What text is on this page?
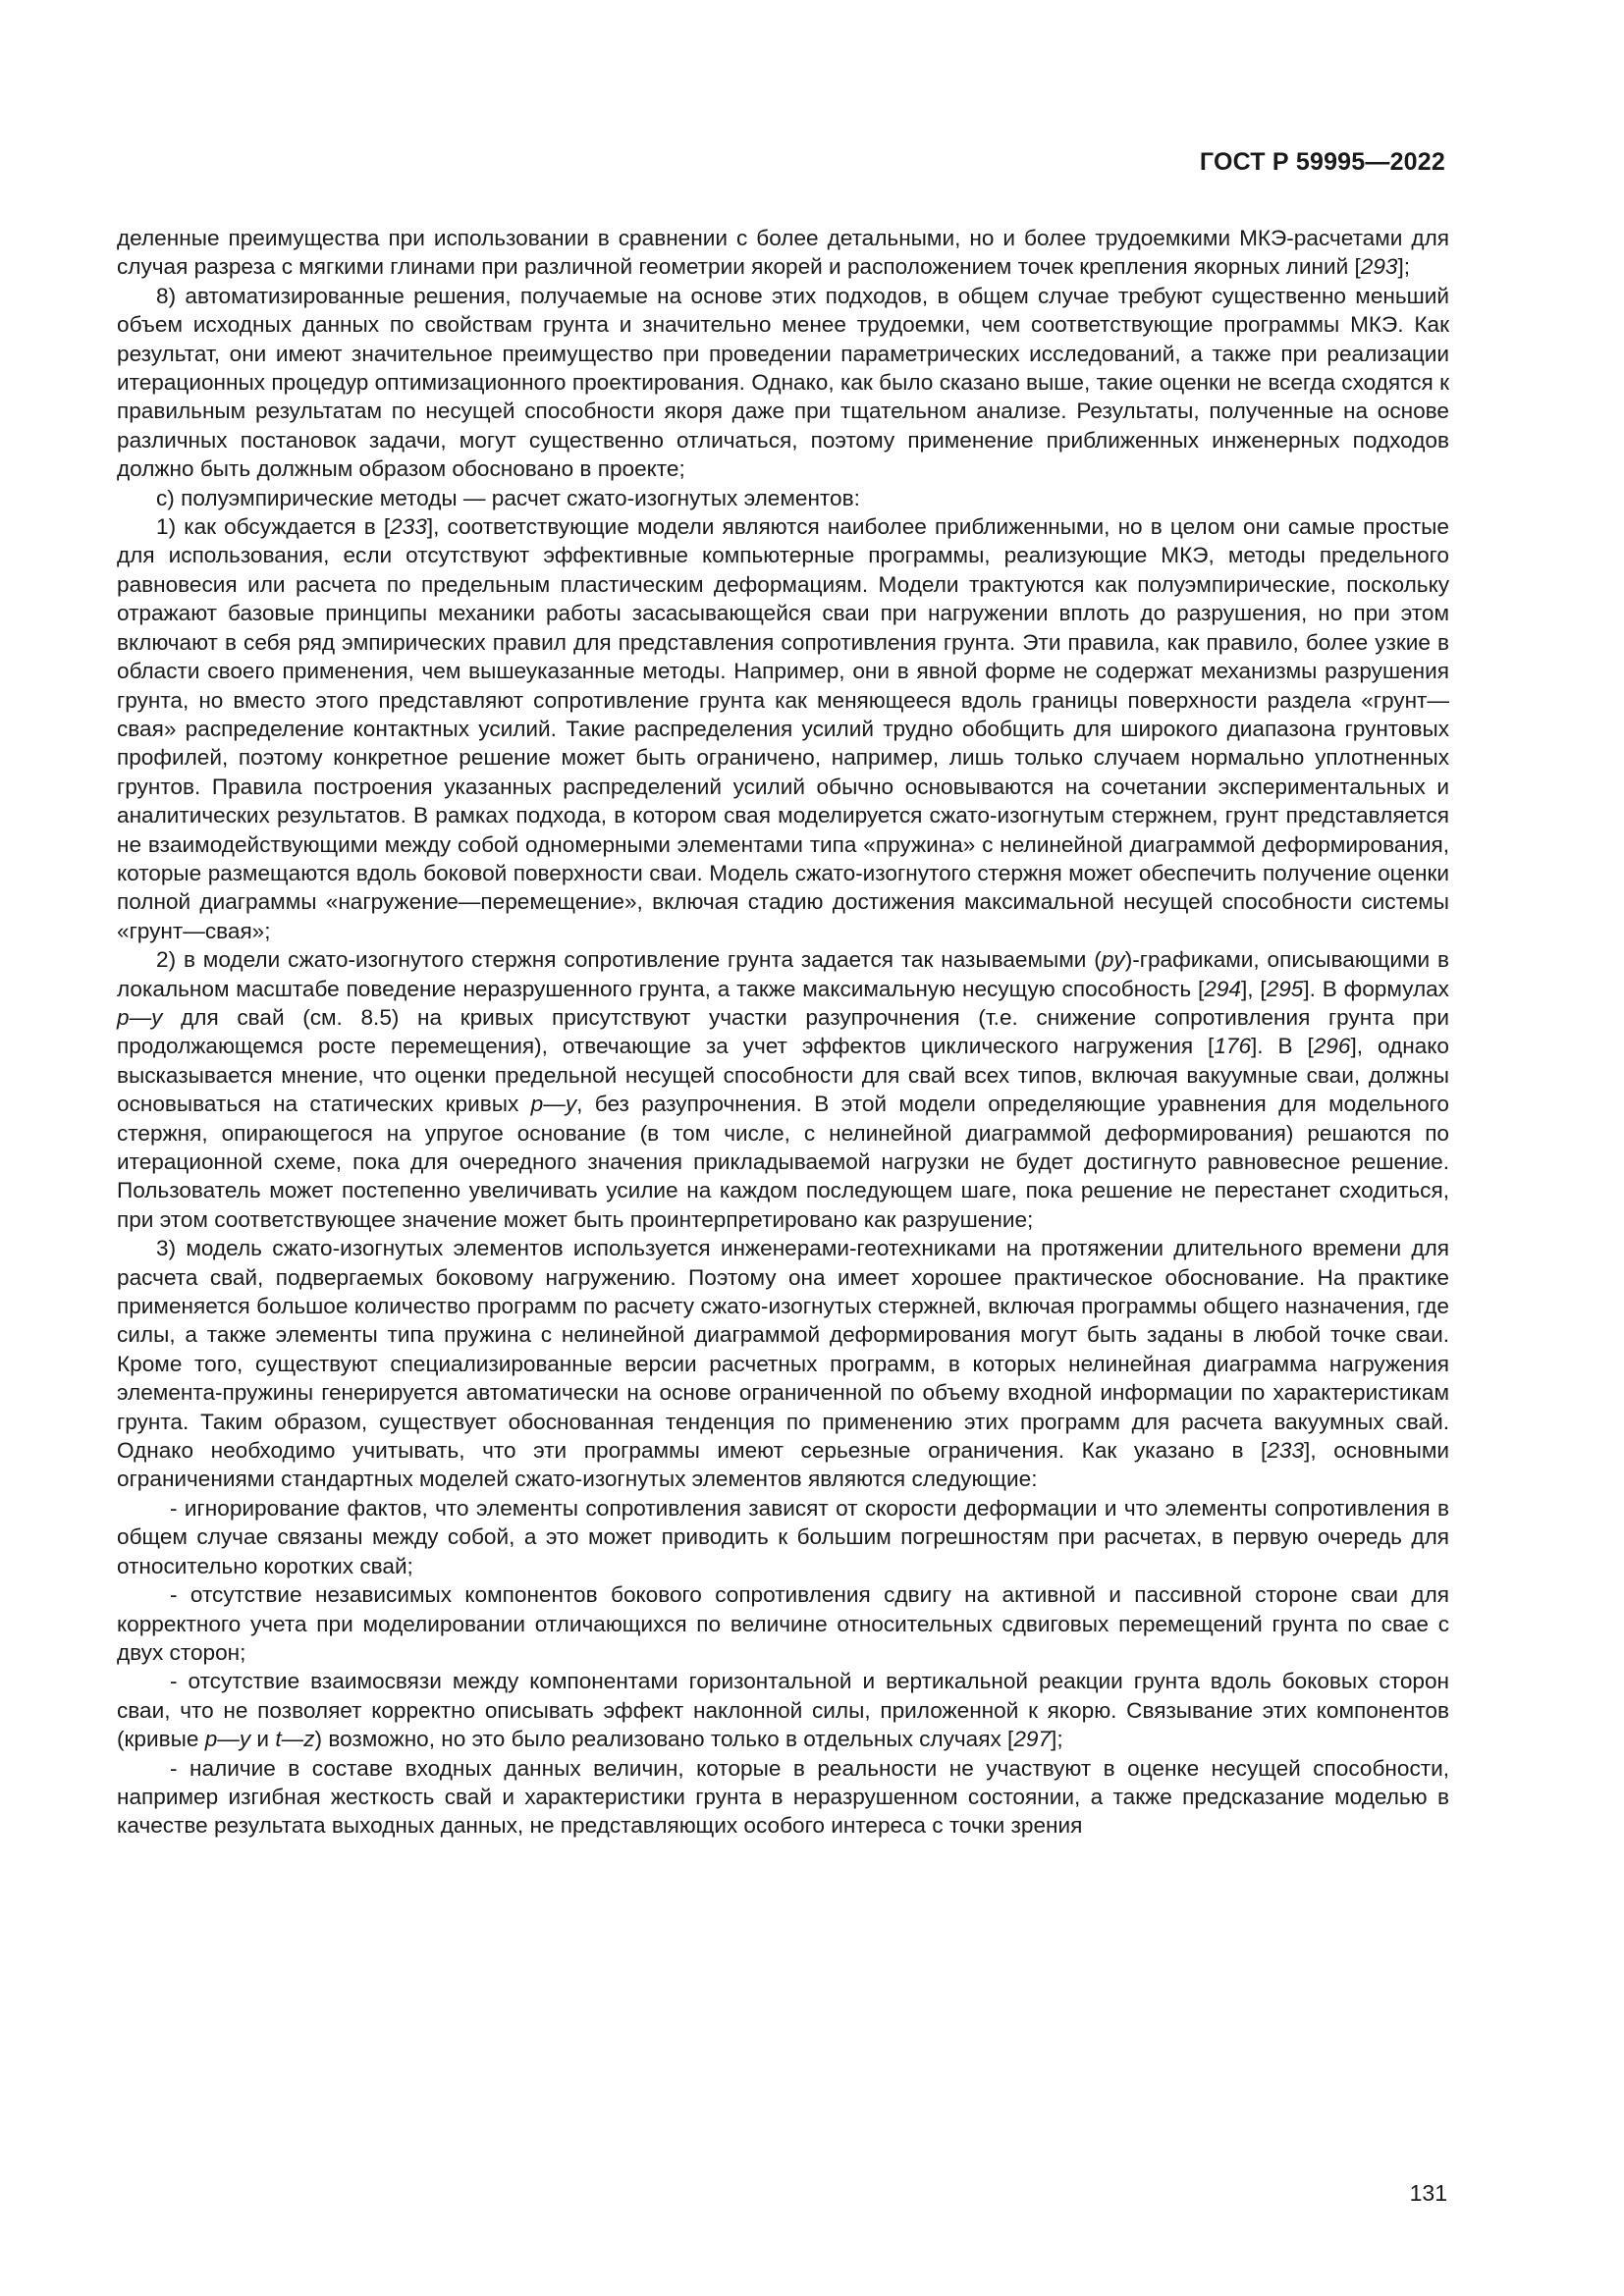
ГОСТ Р 59995—2022

деленные преимущества при использовании в сравнении с более детальными, но и более трудоемкими МКЭ-расчетами для случая разреза с мягкими глинами при различной геометрии якорей и расположением точек крепления якорных линий [293];

8) автоматизированные решения, получаемые на основе этих подходов, в общем случае требуют существенно меньший объем исходных данных по свойствам грунта и значительно менее трудоемки, чем соответствующие программы МКЭ. Как результат, они имеют значительное преимущество при проведении параметрических исследований, а также при реализации итерационных процедур оптимизационного проектирования. Однако, как было сказано выше, такие оценки не всегда сходятся к правильным результатам по несущей способности якоря даже при тщательном анализе. Результаты, полученные на основе различных постановок задачи, могут существенно отличаться, поэтому применение приближенных инженерных подходов должно быть должным образом обосновано в проекте;

с) полуэмпирические методы — расчет сжато-изогнутых элементов:

1) как обсуждается в [233], соответствующие модели являются наиболее приближенными, но в целом они самые простые для использования, если отсутствуют эффективные компьютерные программы, реализующие МКЭ, методы предельного равновесия или расчета по предельным пластическим деформациям. Модели трактуются как полуэмпирические, поскольку отражают базовые принципы механики работы засасывающейся сваи при нагружении вплоть до разрушения, но при этом включают в себя ряд эмпирических правил для представления сопротивления грунта. Эти правила, как правило, более узкие в области своего применения, чем вышеуказанные методы. Например, они в явной форме не содержат механизмы разрушения грунта, но вместо этого представляют сопротивление грунта как меняющееся вдоль границы поверхности раздела «грунт—свая» распределение контактных усилий. Такие распределения усилий трудно обобщить для широкого диапазона грунтовых профилей, поэтому конкретное решение может быть ограничено, например, лишь только случаем нормально уплотненных грунтов. Правила построения указанных распределений усилий обычно основываются на сочетании экспериментальных и аналитических результатов. В рамках подхода, в котором свая моделируется сжато-изогнутым стержнем, грунт представляется не взаимодействующими между собой одномерными элементами типа «пружина» с нелинейной диаграммой деформирования, которые размещаются вдоль боковой поверхности сваи. Модель сжато-изогнутого стержня может обеспечить получение оценки полной диаграммы «нагружение—перемещение», включая стадию достижения максимальной несущей способности системы «грунт—свая»;

2) в модели сжато-изогнутого стержня сопротивление грунта задается так называемыми (py)-графиками, описывающими в локальном масштабе поведение неразрушенного грунта, а также максимальную несущую способность [294], [295]. В формулах p—y для свай (см. 8.5) на кривых присутствуют участки разупрочнения (т.е. снижение сопротивления грунта при продолжающемся росте перемещения), отвечающие за учет эффектов циклического нагружения [176]. В [296], однако высказывается мнение, что оценки предельной несущей способности для свай всех типов, включая вакуумные сваи, должны основываться на статических кривых p—y, без разупрочнения. В этой модели определяющие уравнения для модельного стержня, опирающегося на упругое основание (в том числе, с нелинейной диаграммой деформирования) решаются по итерационной схеме, пока для очередного значения прикладываемой нагрузки не будет достигнуто равновесное решение. Пользователь может постепенно увеличивать усилие на каждом последующем шаге, пока решение не перестанет сходиться, при этом соответствующее значение может быть проинтерпретировано как разрушение;

3) модель сжато-изогнутых элементов используется инженерами-геотехниками на протяжении длительного времени для расчета свай, подвергаемых боковому нагружению. Поэтому она имеет хорошее практическое обоснование. На практике применяется большое количество программ по расчету сжато-изогнутых стержней, включая программы общего назначения, где силы, а также элементы типа пружина с нелинейной диаграммой деформирования могут быть заданы в любой точке сваи. Кроме того, существуют специализированные версии расчетных программ, в которых нелинейная диаграмма нагружения элемента-пружины генерируется автоматически на основе ограниченной по объему входной информации по характеристикам грунта. Таким образом, существует обоснованная тенденция по применению этих программ для расчета вакуумных свай. Однако необходимо учитывать, что эти программы имеют серьезные ограничения. Как указано в [233], основными ограничениями стандартных моделей сжато-изогнутых элементов являются следующие:

- игнорирование фактов, что элементы сопротивления зависят от скорости деформации и что элементы сопротивления в общем случае связаны между собой, а это может приводить к большим погрешностям при расчетах, в первую очередь для относительно коротких свай;

- отсутствие независимых компонентов бокового сопротивления сдвигу на активной и пассивной стороне сваи для корректного учета при моделировании отличающихся по величине относительных сдвиговых перемещений грунта по свае с двух сторон;

- отсутствие взаимосвязи между компонентами горизонтальной и вертикальной реакции грунта вдоль боковых сторон сваи, что не позволяет корректно описывать эффект наклонной силы, приложенной к якорю. Связывание этих компонентов (кривые p—y и t—z) возможно, но это было реализовано только в отдельных случаях [297];

- наличие в составе входных данных величин, которые в реальности не участвуют в оценке несущей способности, например изгибная жесткость свай и характеристики грунта в неразрушенном состоянии, а также предсказание моделью в качестве результата выходных данных, не представляющих особого интереса с точки зрения

131
